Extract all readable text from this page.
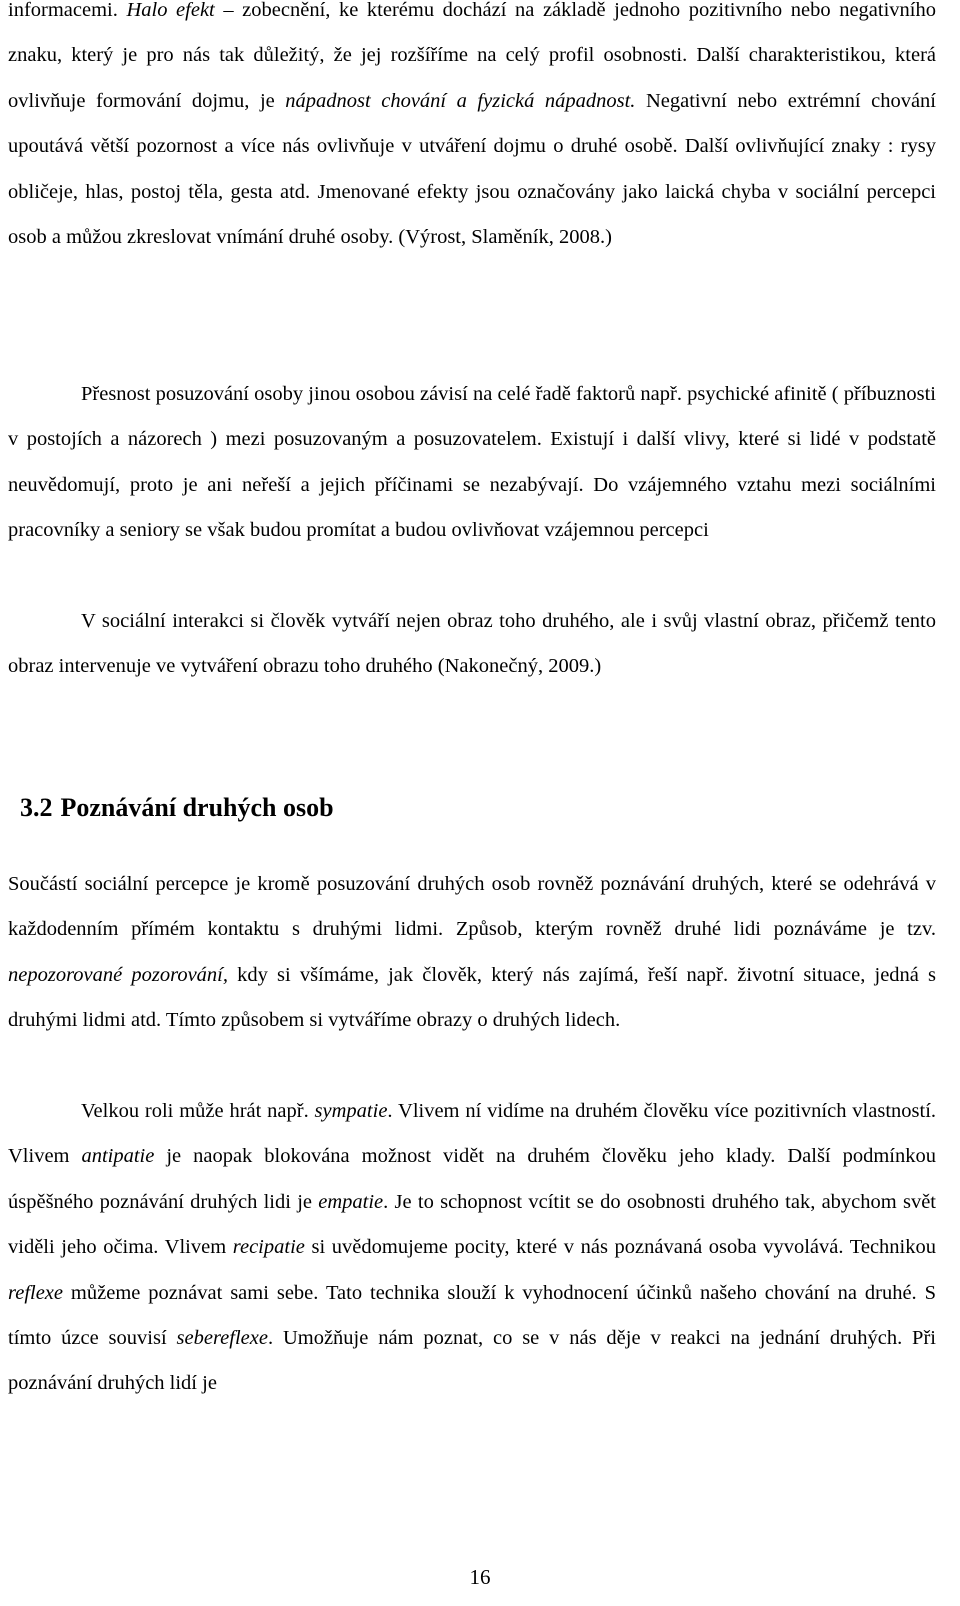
informacemi. Halo efekt – zobecnění, ke kterému dochází na základě jednoho pozitivního nebo negativního znaku, který je pro nás tak důležitý, že jej rozšíříme na celý profil osobnosti. Další charakteristikou, která ovlivňuje formování dojmu, je nápadnost chování a fyzická nápadnost. Negativní nebo extrémní chování upoutává větší pozornost a více nás ovlivňuje v utváření dojmu o druhé osobě. Další ovlivňující znaky : rysy obličeje, hlas, postoj těla, gesta atd. Jmenované efekty jsou označovány jako laická chyba v sociální percepci osob a můžou zkreslovat vnímání druhé osoby. (Výrost, Slaměník, 2008.)

Přesnost posuzování osoby jinou osobou závisí na celé řadě faktorů např. psychické afinitě ( příbuznosti v postojích a názorech ) mezi posuzovaným a posuzovatelem. Existují i další vlivy, které si lidé v podstatě neuvědomují, proto je ani neřeší a jejich příčinami se nezabývají. Do vzájemného vztahu mezi sociálními pracovníky a seniory se však budou promítat a budou ovlivňovat vzájemnou percepci

V sociální interakci si člověk vytváří nejen obraz toho druhého, ale i svůj vlastní obraz, přičemž tento obraz intervenuje ve vytváření obrazu toho druhého (Nakonečný, 2009.)

3.2 Poznávání druhých osob

Součástí sociální percepce je kromě posuzování druhých osob rovněž poznávání druhých, které se odehrává v každodenním přímém kontaktu s druhými lidmi. Způsob, kterým rovněž druhé lidi poznáváme je tzv. nepozorované pozorování, kdy si všímáme, jak člověk, který nás zajímá, řeší např. životní situace, jedná s druhými lidmi atd. Tímto způsobem si vytváříme obrazy o druhých lidech.

Velkou roli může hrát např. sympatie. Vlivem ní vidíme na druhém člověku více pozitivních vlastností. Vlivem antipatie je naopak blokována možnost vidět na druhém člověku jeho klady. Další podmínkou úspěšného poznávání druhých lidi je empatie. Je to schopnost vcítit se do osobnosti druhého tak, abychom svět viděli jeho očima. Vlivem recipatie si uvědomujeme pocity, které v nás poznávaná osoba vyvolává. Technikou reflexe můžeme poznávat sami sebe. Tato technika slouží k vyhodnocení účinků našeho chování na druhé. S tímto úzce souvisí sebereflexe. Umožňuje nám poznat, co se v nás děje v reakci na jednání druhých. Při poznávání druhých lidí je

16
